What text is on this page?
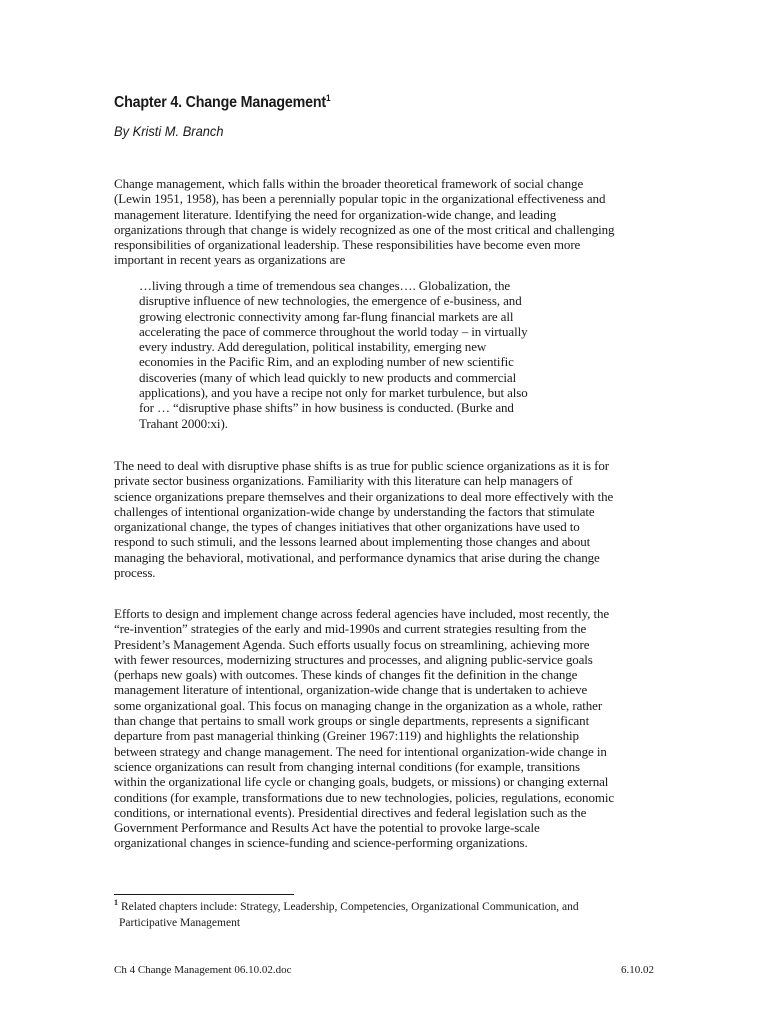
Chapter 4. Change Management$^1$
By Kristi M. Branch
Change management, which falls within the broader theoretical framework of social change
(Lewin 1951, 1958), has been a perennially popular topic in the organizational effectiveness and
management literature. Identifying the need for organization-wide change, and leading
organizations through that change is widely recognized as one of the most critical and challenging
responsibilities of organizational leadership. These responsibilities have become even more
important in recent years as organizations are
…living through a time of tremendous sea changes…. Globalization, the
disruptive influence of new technologies, the emergence of e-business, and
growing electronic connectivity among far-flung financial markets are all
accelerating the pace of commerce throughout the world today – in virtually
every industry. Add deregulation, political instability, emerging new
economies in the Pacific Rim, and an exploding number of new scientific
discoveries (many of which lead quickly to new products and commercial
applications), and you have a recipe not only for market turbulence, but also
for … “disruptive phase shifts” in how business is conducted. (Burke and
Trahant 2000:xi).
The need to deal with disruptive phase shifts is as true for public science organizations as it is for
private sector business organizations. Familiarity with this literature can help managers of
science organizations prepare themselves and their organizations to deal more effectively with the
challenges of intentional organization-wide change by understanding the factors that stimulate
organizational change, the types of changes initiatives that other organizations have used to
respond to such stimuli, and the lessons learned about implementing those changes and about
managing the behavioral, motivational, and performance dynamics that arise during the change
process.
Efforts to design and implement change across federal agencies have included, most recently, the
“re-invention” strategies of the early and mid-1990s and current strategies resulting from the
President’s Management Agenda. Such efforts usually focus on streamlining, achieving more
with fewer resources, modernizing structures and processes, and aligning public-service goals
(perhaps new goals) with outcomes. These kinds of changes fit the definition in the change
management literature of intentional, organization-wide change that is undertaken to achieve
some organizational goal. This focus on managing change in the organization as a whole, rather
than change that pertains to small work groups or single departments, represents a significant
departure from past managerial thinking (Greiner 1967:119) and highlights the relationship
between strategy and change management. The need for intentional organization-wide change in
science organizations can result from changing internal conditions (for example, transitions
within the organizational life cycle or changing goals, budgets, or missions) or changing external
conditions (for example, transformations due to new technologies, policies, regulations, economic
conditions, or international events). Presidential directives and federal legislation such as the
Government Performance and Results Act have the potential to provoke large-scale
organizational changes in science-funding and science-performing organizations.
$^1$ Related chapters include: Strategy, Leadership, Competencies, Organizational Communication, and
Participative Management
Ch 4 Change Management 06.10.02.doc	6.10.02
